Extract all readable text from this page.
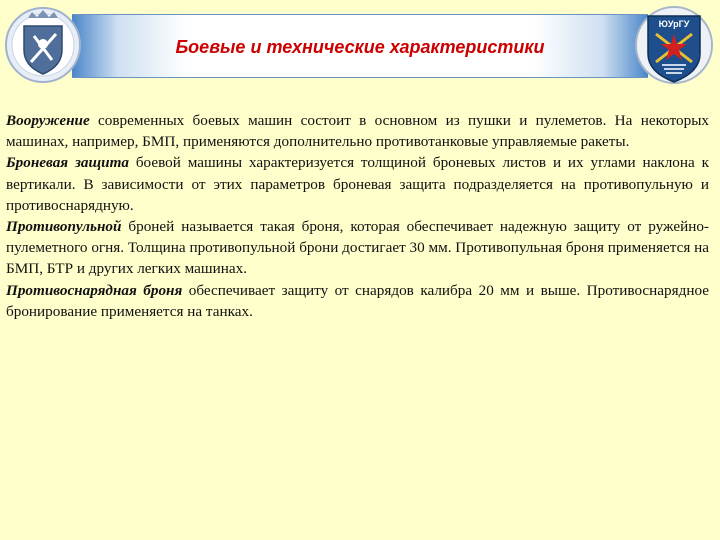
Боевые и технические характеристики
ЮУрГУ

Вооружение современных боевых машин состоит в основном из пушки и пулеметов. На некоторых машинах, например, БМП, применяются дополнительно противотанковые управляемые ракеты.

Броневая защита боевой машины характеризуется толщиной броневых листов и их углами наклона к вертикали. В зависимости от этих параметров броневая защита подразделяется на противопульную и противоснарядную.

Противопульной броней называется такая броня, которая обеспечивает надежную защиту от ружейно-пулеметного огня. Толщина противопульной брони достигает 30 мм. Противопульная броня применяется на БМП, БТР и других легких машинах.

Противоснарядная броня обеспечивает защиту от снарядов калибра 20 мм и выше. Противоснарядное бронирование применяется на танках.
